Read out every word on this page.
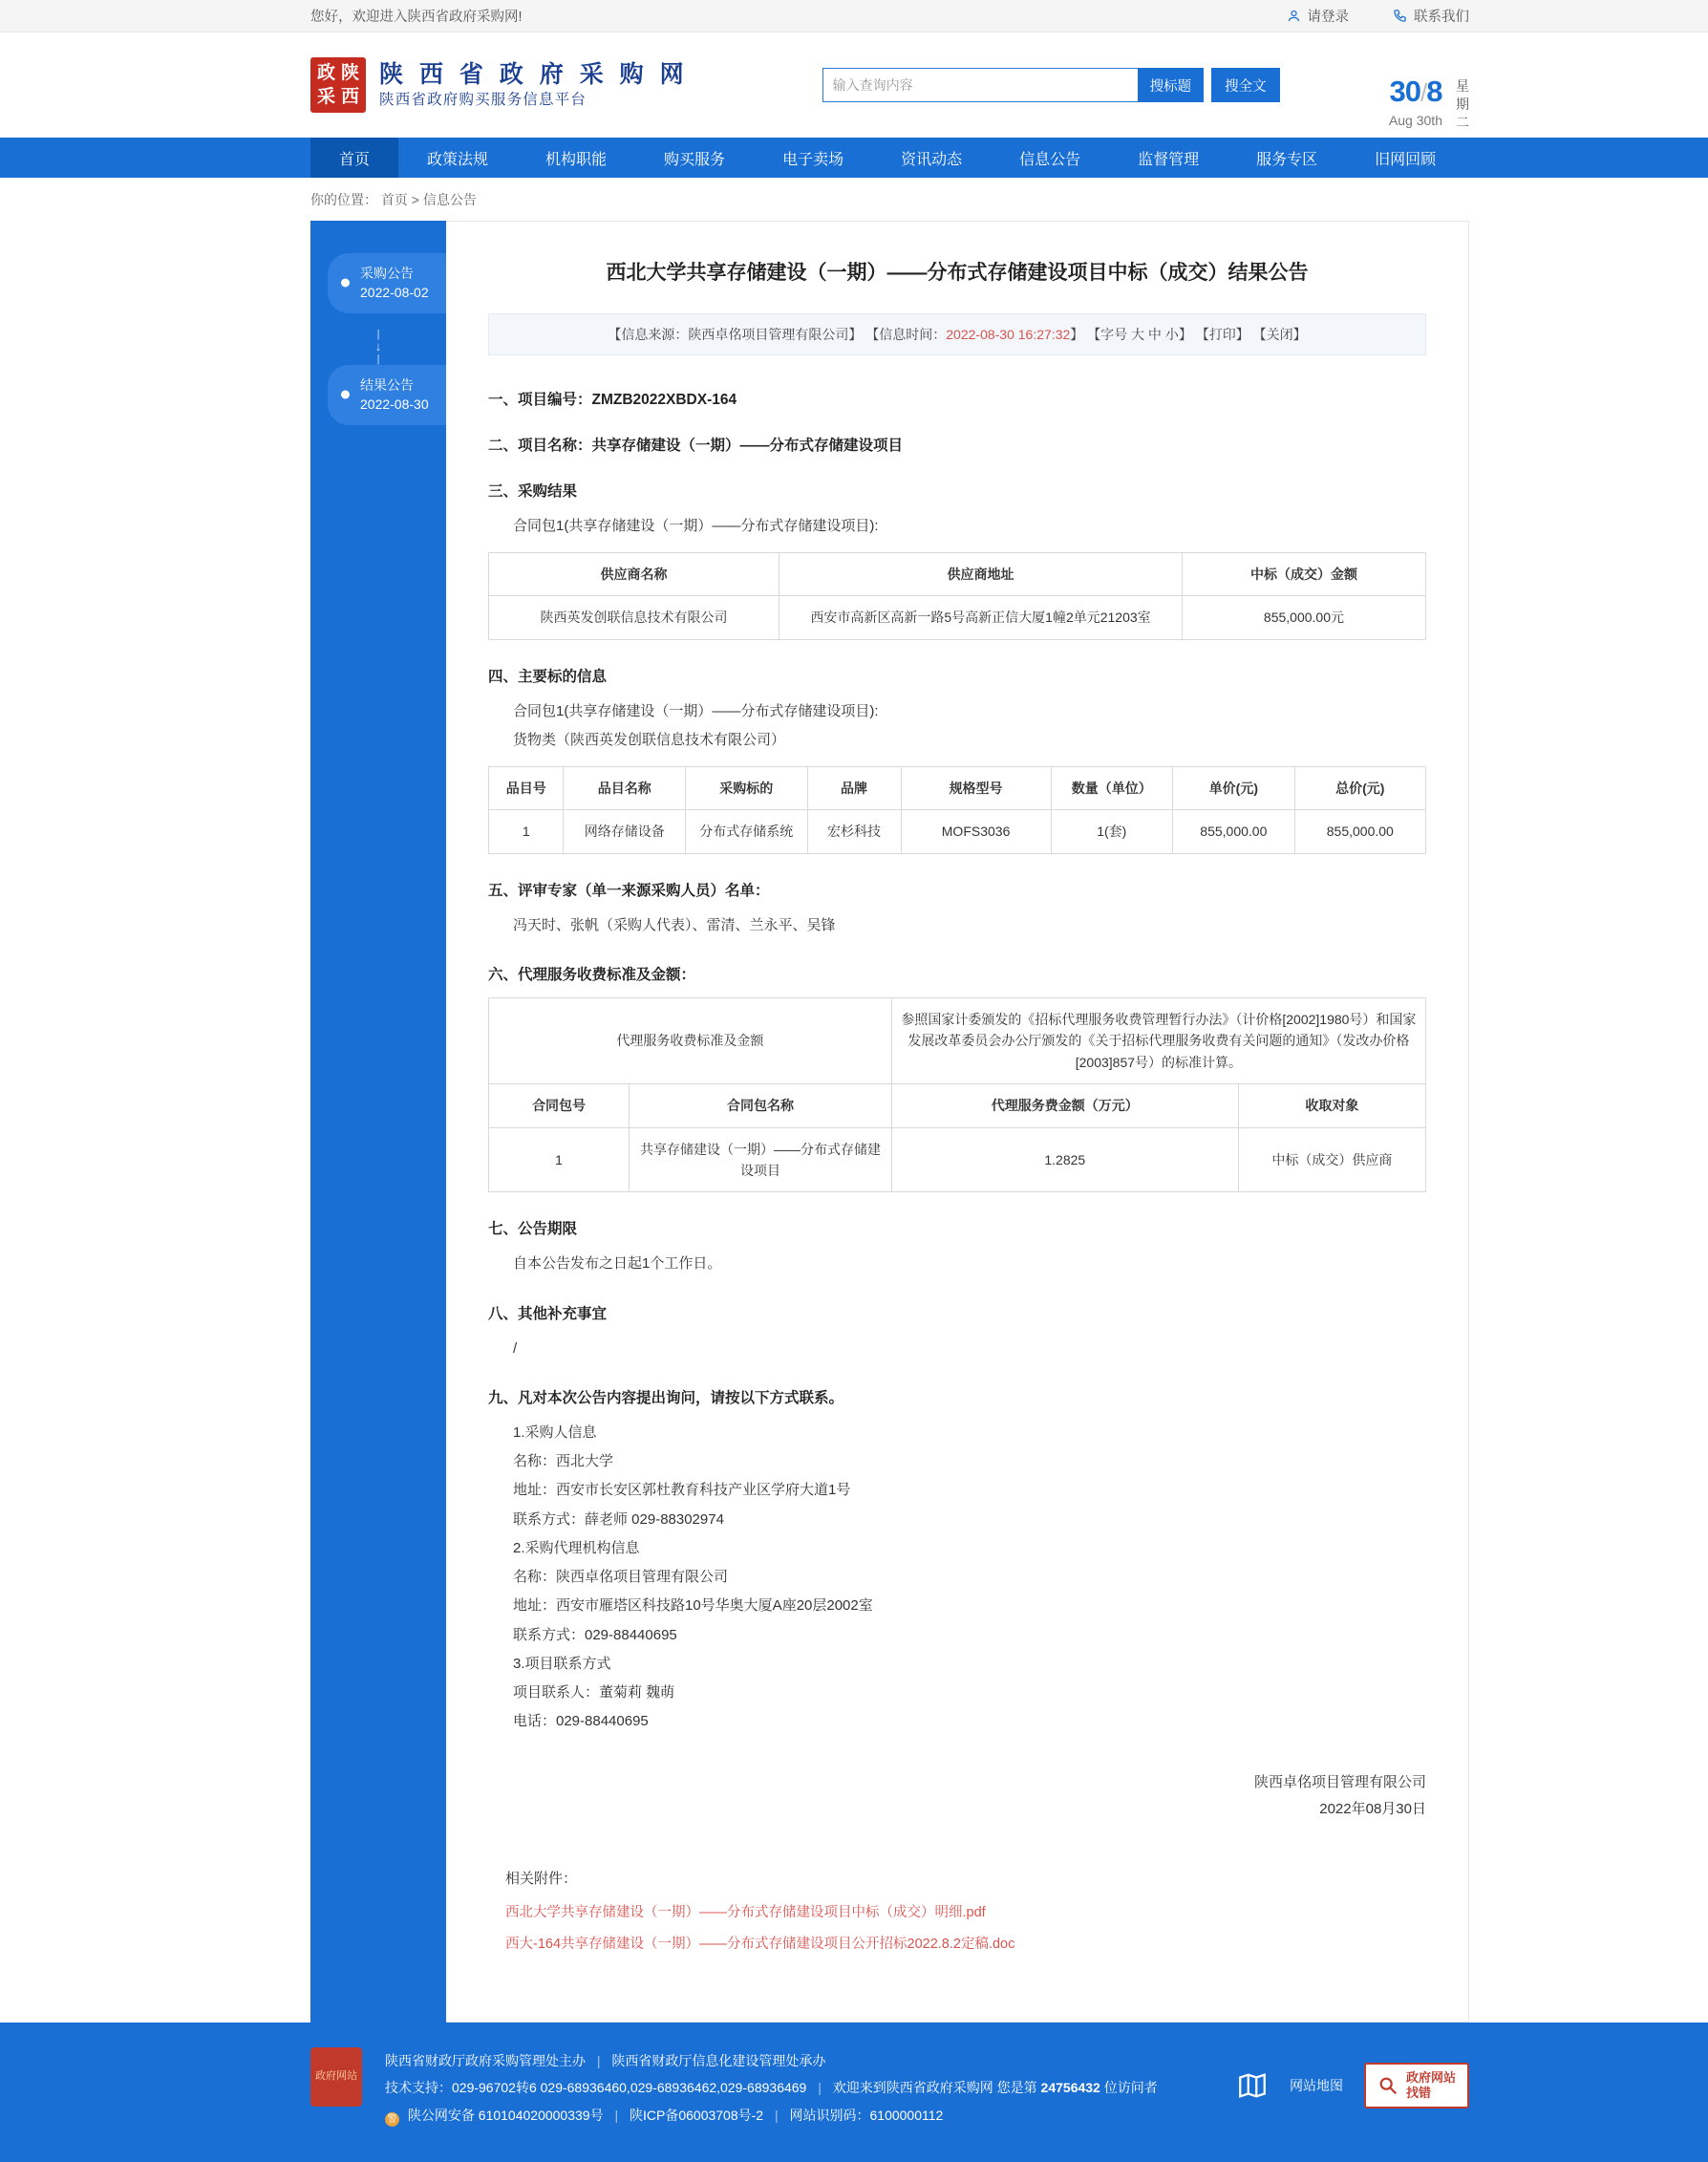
您好，欢迎进入陕西省政府采购网!	请登录	联系我们
政 陕
采 西
陕 西 省 政 府 采 购 网
陕西省政府购买服务信息平台
输入查询内容
搜标题	搜全文	30/8
Aug 30th
星
期
二
首页	政策法规	机构职能	购买服务	电子卖场	资讯动态	信息公告	监督管理	服务专区	旧网回顾
你的位置： 首页 > 信息公告
采购公告
2022-08-02
|
↓
|
结果公告
2022-08-30
西北大学共享存储建设（一期）——分布式存储建设项目中标（成交）结果公告
【信息来源：陕西卓佲项目管理有限公司】 【信息时间：2022-08-30 16:27:32】 【字号 大 中 小】 【打印】 【关闭】
一、项目编号：ZMZB2022XBDX-164
二、项目名称：共享存储建设（一期）——分布式存储建设项目
三、采购结果

合同包1(共享存储建设（一期）——分布式存储建设项目):

供应商名称	供应商地址	中标（成交）金额
陕西英发创联信息技术有限公司	西安市高新区高新一路5号高新正信大厦1幢2单元21203室	855,000.00元
四、主要标的信息

合同包1(共享存储建设（一期）——分布式存储建设项目):

货物类（陕西英发创联信息技术有限公司）

品目号	品目名称	采购标的	品牌	规格型号	数量（单位）	单价(元)	总价(元)
1	网络存储设备	分布式存储系统	宏杉科技	MOFS3036	1(套)	855,000.00	855,000.00
五、评审专家（单一来源采购人员）名单：

冯天时、张帆（采购人代表）、雷清、兰永平、吴锋

六、代理服务收费标准及金额：
代理服务收费标准及金额		参照国家计委颁发的《招标代理服务收费管理暂行办法》（计价格[2002]1980号）和国家发展改革委员会办公厅颁发的《关于招标代理服务收费有关问题的通知》（发改办价格[2003]857号）的标准计算。	
合同包号	合同包名称	代理服务费金额（万元）	收取对象
1	共享存储建设（一期）——分布式存储建设项目	1.2825	中标（成交）供应商
七、公告期限

自本公告发布之日起1个工作日。

八、其他补充事宜

/

九、凡对本次公告内容提出询问，请按以下方式联系。

1.采购人信息

名称：西北大学

地址：西安市长安区郭杜教育科技产业区学府大道1号

联系方式：薛老师 029-88302974

2.采购代理机构信息

名称：陕西卓佲项目管理有限公司

地址：西安市雁塔区科技路10号华奥大厦A座20层2002室

联系方式：029-88440695

3.项目联系方式

项目联系人：董菊莉 魏萌

电话：029-88440695

陕西卓佲项目管理有限公司
2022年08月30日
相关附件：
西北大学共享存储建设（一期）——分布式存储建设项目中标（成交）明细.pdf
西大-164共享存储建设（一期）——分布式存储建设项目公开招标2022.8.2定稿.doc
政府网站
陕西省财政厅政府采购管理处主办 | 陕西省财政厅信息化建设管理处承办
技术支持：029-96702转6 029-68936460,029-68936462,029-68936469 | 欢迎来到陕西省政府采购网 您是第 24756432 位访问者
警 陕公网安备 610104020000339号 | 陕ICP备06003708号-2 | 网站识别码：6100000112
网站地图
政府网站
找错
